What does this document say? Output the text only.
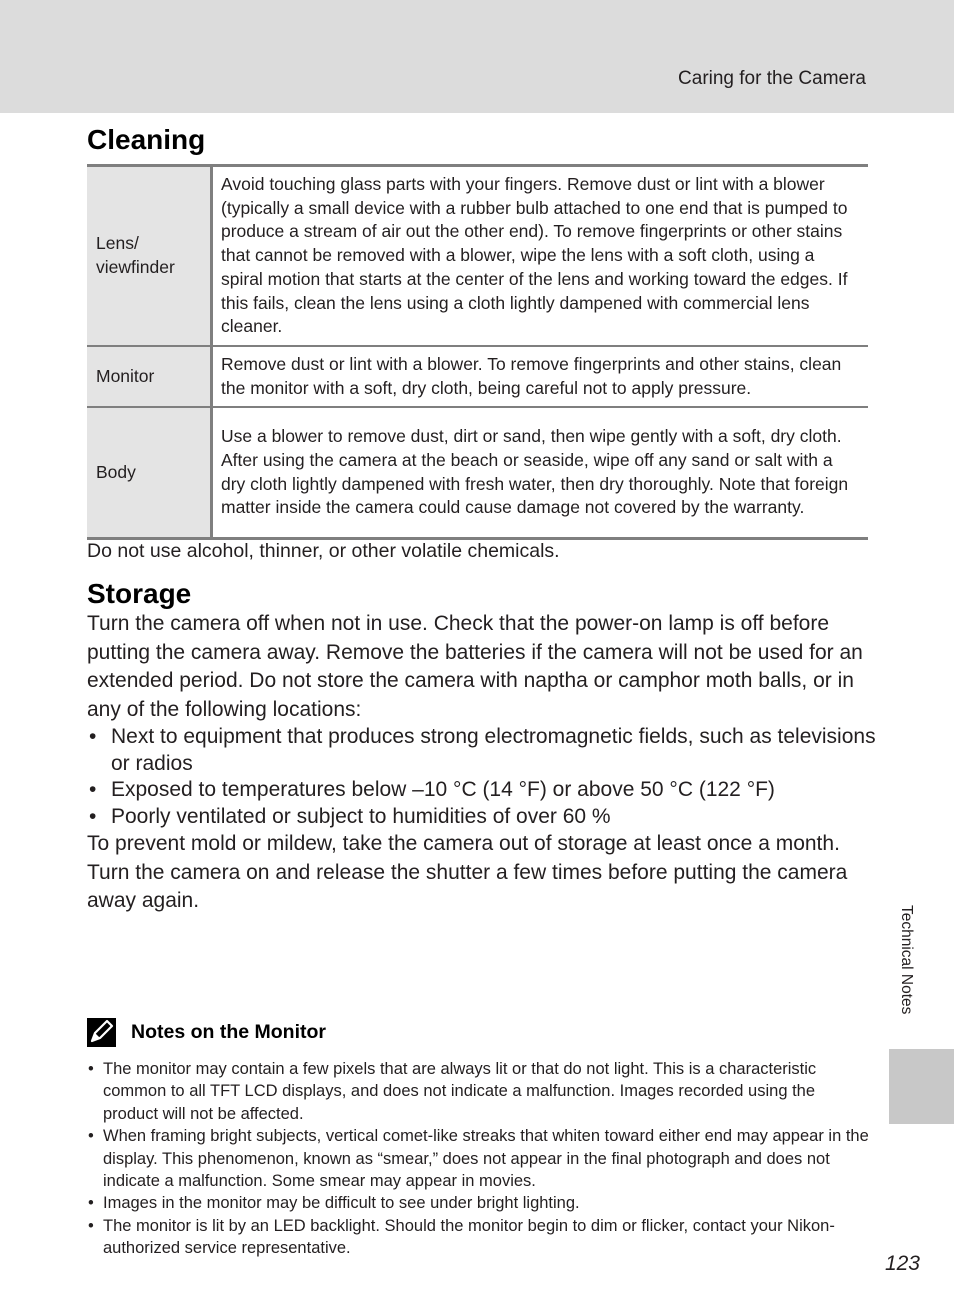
Caring for the Camera
Cleaning
Lens/ viewfinder	Avoid touching glass parts with your fingers. Remove dust or lint with a blower (typically a small device with a rubber bulb attached to one end that is pumped to produce a stream of air out the other end). To remove fingerprints or other stains that cannot be removed with a blower, wipe the lens with a soft cloth, using a spiral motion that starts at the center of the lens and working toward the edges. If this fails, clean the lens using a cloth lightly dampened with commercial lens cleaner.
Monitor	Remove dust or lint with a blower. To remove fingerprints and other stains, clean the monitor with a soft, dry cloth, being careful not to apply pressure.
Body	Use a blower to remove dust, dirt or sand, then wipe gently with a soft, dry cloth. After using the camera at the beach or seaside, wipe off any sand or salt with a dry cloth lightly dampened with fresh water, then dry thoroughly. Note that foreign matter inside the camera could cause damage not covered by the warranty.
Do not use alcohol, thinner, or other volatile chemicals.
Storage

Turn the camera off when not in use. Check that the power-on lamp is off before putting the camera away. Remove the batteries if the camera will not be used for an extended period. Do not store the camera with naptha or camphor moth balls, or in any of the following locations:

• Next to equipment that produces strong electromagnetic fields, such as televisions or radios
• Exposed to temperatures below –10 °C (14 °F) or above 50 °C (122 °F)
• Poorly ventilated or subject to humidities of over 60 %

To prevent mold or mildew, take the camera out of storage at least once a month. Turn the camera on and release the shutter a few times before putting the camera away again.

Notes on the Monitor
• The monitor may contain a few pixels that are always lit or that do not light. This is a characteristic common to all TFT LCD displays, and does not indicate a malfunction. Images recorded using the product will not be affected.
• When framing bright subjects, vertical comet-like streaks that whiten toward either end may appear in the display. This phenomenon, known as “smear,” does not appear in the final photograph and does not indicate a malfunction. Some smear may appear in movies.
• Images in the monitor may be difficult to see under bright lighting.
• The monitor is lit by an LED backlight. Should the monitor begin to dim or flicker, contact your Nikon-authorized service representative.
Technical Notes
123
